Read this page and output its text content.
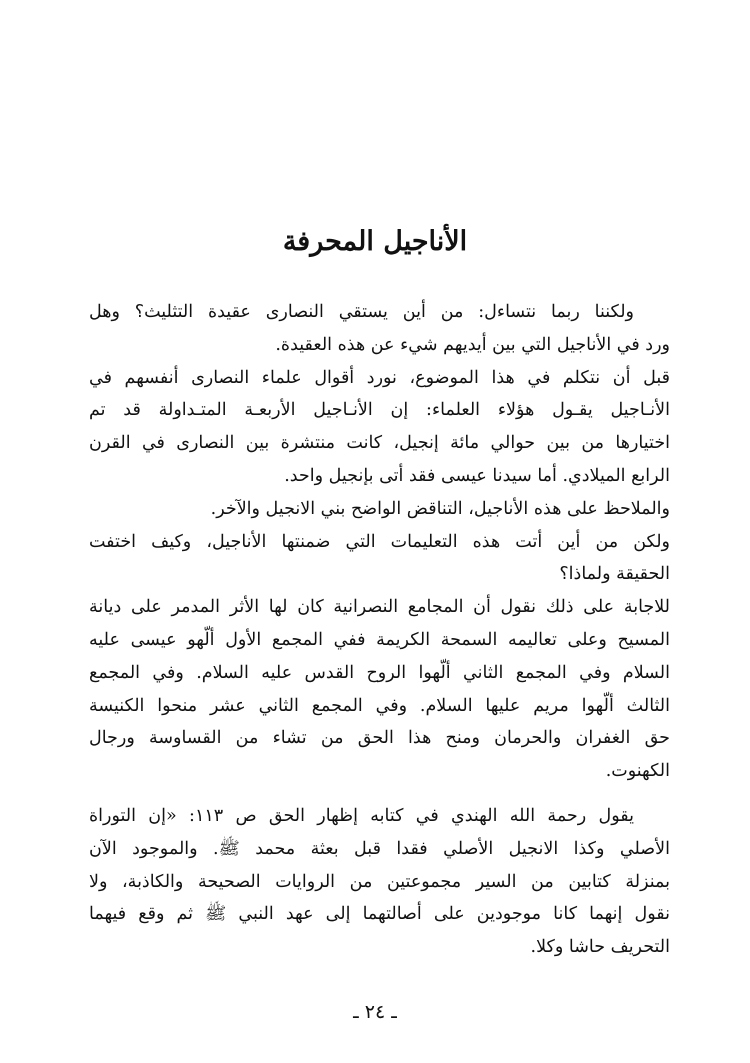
الأناجيل المحرفة
ولكننا ربما نتساءل: من أين يستقي النصارى عقيدة التثليث؟ وهل
ورد في الأناجيل التي بين أيديهم شيء عن هذه العقيدة.
قبل أن نتكلم في هذا الموضوع، نورد أقوال علماء النصارى أنفسهم في
الأنـاجيل يقـول هؤلاء العلماء: إن الأنـاجيل الأربعـة المتـداولة قد تم
اختيارها من بين حوالي مائة إنجيل، كانت منتشرة بين النصارى في القرن
الرابع الميلادي. أما سيدنا عيسى فقد أتى بإنجيل واحد.
والملاحظ على هذه الأناجيل، التناقض الواضح بني الانجيل والآخر.
ولكن من أين أتت هذه التعليمات التي ضمنتها الأناجيل، وكيف اختفت
الحقيقة ولماذا؟
للاجابة على ذلك نقول أن المجامع النصرانية كان لها الأثر المدمر على ديانة
المسيح وعلى تعاليمه السمحة الكريمة ففي المجمع الأول ألّهو عيسى عليه
السلام وفي المجمع الثاني ألّهوا الروح القدس عليه السلام. وفي المجمع
الثالث ألّهوا مريم عليها السلام. وفي المجمع الثاني عشر منحوا الكنيسة
حق الغفران والحرمان ومنح هذا الحق من تشاء من القساوسة ورجال
الكهنوت.
يقول رحمة الله الهندي في كتابه إظهار الحق ص ١١٣: «إن التوراة
الأصلي وكذا الانجيل الأصلي فقدا قبل بعثة محمد ﷺ. والموجود الآن
بمنزلة كتابين من السير مجموعتين من الروايات الصحيحة والكاذبة، ولا
نقول إنهما كانا موجودين على أصالتهما إلى عهد النبي ﷺ ثم وقع فيهما
التحريف حاشا وكلا.
ـ ٢٤ ـ
